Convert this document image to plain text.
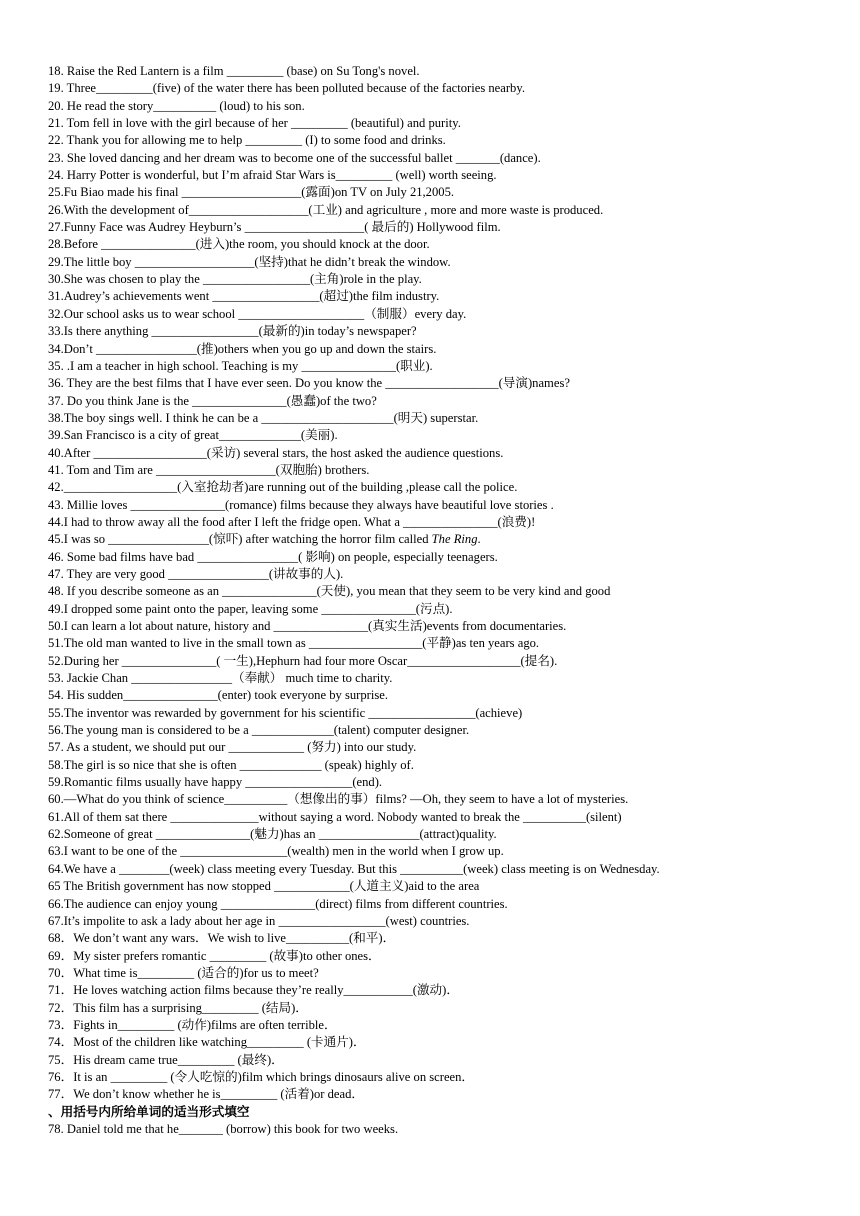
18. Raise the Red Lantern is a film _________ (base) on Su Tong's novel.
19. Three_________(five) of the water there has been polluted because of the factories nearby.
20. He read the story__________ (loud) to his son.
21. Tom fell in love with the girl because of her _________ (beautiful) and purity.
22. Thank you for allowing me to help _________ (I) to some food and drinks.
23. She loved dancing and her dream was to become one of the successful ballet _______(dance).
24. Harry Potter is wonderful, but I’m afraid Star Wars is_________ (well) worth seeing.
25.Fu Biao made his final ___________________(露面)on TV on July 21,2005.
26.With the development of___________________(工业) and agriculture , more and more waste is produced.
27.Funny Face was Audrey Heyburn’s ___________________( 最后的) Hollywood film.
28.Before _______________(进入)the room, you should knock at the door.
29.The little boy ___________________(坚持)that he didn’t break the window.
30.She was chosen to play the _________________(主角)role in the play.
31.Audrey’s achievements went _________________(超过)the film industry.
32.Our school asks us to wear school ____________________（制服）every day.
33.Is there anything _________________(最新的)in today’s newspaper?
34.Don’t ________________(推)others when you go up and down the stairs.
35. .I am a teacher in high school. Teaching is my _______________(职业).
36. They are the best films that I have ever seen. Do you know the __________________(导演)names?
37. Do you think Jane is the _______________(愚蠢)of the two?
38.The boy sings well. I think he can be a _____________________(明天) superstar.
39.San Francisco is a city of great_____________(美丽).
40.After __________________(采访) several stars, the host asked the audience questions.
41. Tom and Tim are ___________________(双胞胎) brothers.
42.__________________(入室抢劫者)are running out of the building ,please call the police.
43. Millie loves _______________(romance) films because they always have beautiful love stories .
44.I had to throw away all the food after I left the fridge open. What a _______________(浪费)!
45.I was so ________________(惊吓) after watching the horror film called The Ring.
46. Some bad films have bad ________________( 影响) on people, especially teenagers.
47. They are very good ________________(讲故事的人).
48. If you describe someone as an _______________(天使), you mean that they seem to be very kind and good
49.I dropped some paint onto the paper, leaving some _______________(污点).
50.I can learn a lot about nature, history and _______________(真实生活)events from documentaries.
51.The old man wanted to live in the small town as __________________(平静)as ten years ago.
52.During her _______________( 一生),Hephurn had four more Oscar__________________(提名).
53. Jackie Chan ________________（奉献） much time to charity.
54. His sudden_______________(enter) took everyone by surprise.
55.The inventor was rewarded by government for his scientific _________________(achieve)
56.The young man is considered to be a _____________(talent) computer designer.
57. As a student, we should put our ____________ (努力) into our study.
58.The girl is so nice that she is often _____________ (speak) highly of.
59.Romantic films usually have happy _________________(end).
60.—What do you think of science__________（想像出的事）films? —Oh, they seem to have a lot of mysteries.
61.All of them sat there ______________without saying a word. Nobody wanted to break the __________(silent)
62.Someone of great _______________(魅力)has an ________________(attract)quality.
63.I want to be one of the _________________(wealth) men in the world when I grow up.
64.We have a ________(week) class meeting every Tuesday. But this __________(week) class meeting is on Wednesday.
65 The British government has now stopped ____________(人道主义)aid to the area
66.The audience can enjoy young _______________(direct) films from different countries.
67.It’s impolite to ask a lady about her age in _________________(west) countries.
68．We don’t want any wars．We wish to live__________(和平)．
69．My sister prefers romantic _________ (故事)to other ones．
70．What time is_________ (适合的)for us to meet?
71．He loves watching action films because they’re really___________(激动)．
72．This film has a surprising_________ (结局)．
73．Fights in_________ (动作)films are often terrible．
74．Most of the children like watching_________ (卡通片)．
75．His dream came true_________ (最终)．
76．It is an _________ (令人吃惊的)film which brings dinosaurs alive on screen．
77．We don’t know whether he is_________ (活着)or dead．
、用括号内所给单词的适当形式填空
78. Daniel told me that he_______ (borrow) this book for two weeks.
